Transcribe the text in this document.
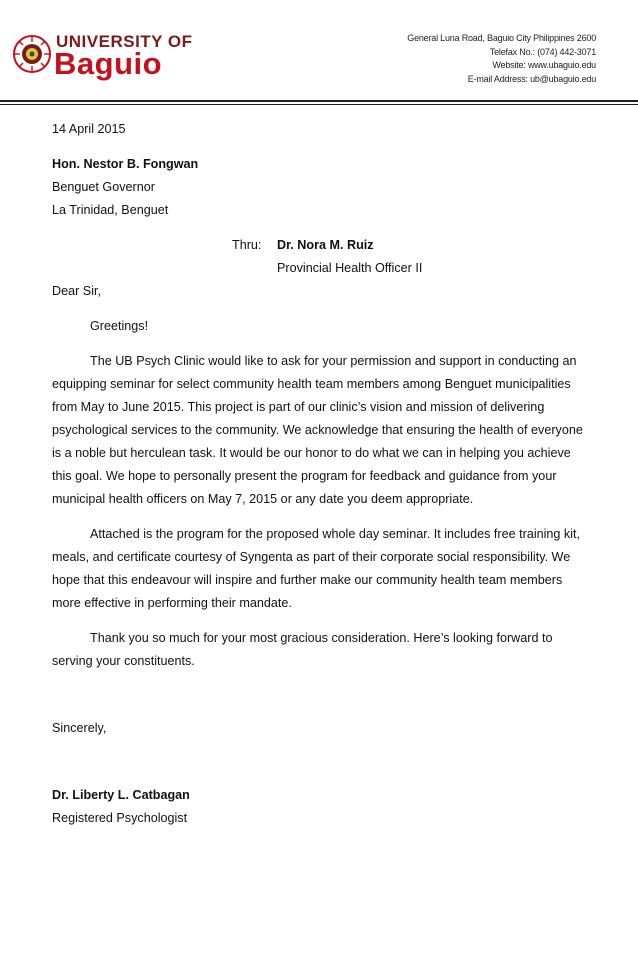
UNIVERSITY OF
Baguio
General Luna Road, Baguio City Philippines 2600
Telefax No.: (074) 442-3071
Website: www.ubaguio.edu
E-mail Address: ub@ubaguio.edu
14 April 2015
Hon. Nestor B. Fongwan
Benguet Governor
La Trinidad, Benguet
Thru: Dr. Nora M. Ruiz
Provincial Health Officer II
Dear Sir,
Greetings!
The UB Psych Clinic would like to ask for your permission and support in conducting an
equipping seminar for select community health team members among Benguet municipalities
from May to June 2015. This project is part of our clinic’s vision and mission of delivering
psychological services to the community. We acknowledge that ensuring the health of everyone
is a noble but herculean task. It would be our honor to do what we can in helping you achieve
this goal. We hope to personally present the program for feedback and guidance from your
municipal health officers on May 7, 2015 or any date you deem appropriate.
Attached is the program for the proposed whole day seminar. It includes free training kit,
meals, and certificate courtesy of Syngenta as part of their corporate social responsibility. We
hope that this endeavour will inspire and further make our community health team members
more effective in performing their mandate.
Thank you so much for your most gracious consideration. Here’s looking forward to
serving your constituents.
Sincerely,
Dr. Liberty L. Catbagan
Registered Psychologist
